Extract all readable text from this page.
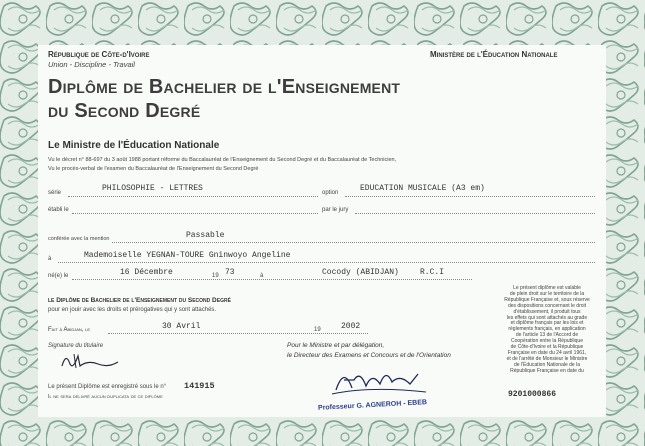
République de Côte-d'Ivoire
Union - Discipline - Travail
Ministère de l'Éducation Nationale
Diplôme de Bachelier de l'Enseignement
du Second Degré
Le Ministre de l'Éducation Nationale
Vu le décret n° 88-697 du 3 août 1988 portant réforme du Baccalauréat de l'Enseignement du Second Degré et du Baccalauréat de Technicien,
Vu le procès-verbal de l'examen du Baccalauréat de l'Enseignement du Second Degré
série	PHILOSOPHIE - LETTRES	option	EDUCATION MUSICALE (A3 em)
établi le	par le jury
conférée avec la mention	Passable
à	Mademoiselle YEGNAN-TOURE Gninwoyo Angeline
né(e) le	16 Décembre	19 73	à	Cocody (ABIDJAN)	R.C.I
le Diplôme de Bachelier de l'Enseignement du Second Degré
pour en jouir avec les droits et prérogatives qui y sont attachés.
Fait à Abidjan, le	30 Avril	19	2002
Signature du titulaire	Pour le Ministre et par délégation,
le Directeur des Examens et Concours et de l'Orientation
Professeur G. AGNEROH - EBEB
Le présent Diplôme est enregistré sous le n° 141915
Il ne sera délivré aucun duplicata de ce diplôme
Le présent diplôme est valable
de plein droit sur le territoire de la
République Française et, sous réserve
des dispositions concernant le droit
d'établissement, il produit tous
les effets qui sont attachés au grade
et diplôme français par les lois et
règlements français, en application
de l'article 13 de l'Accord de
Coopération entre la République
de Côte-d'Ivoire et la République
Française en date du 24 avril 1961,
et de l'arrêté de Monsieur le Ministre
de l'Éducation Nationale de la
République Française en date du
9201000866
